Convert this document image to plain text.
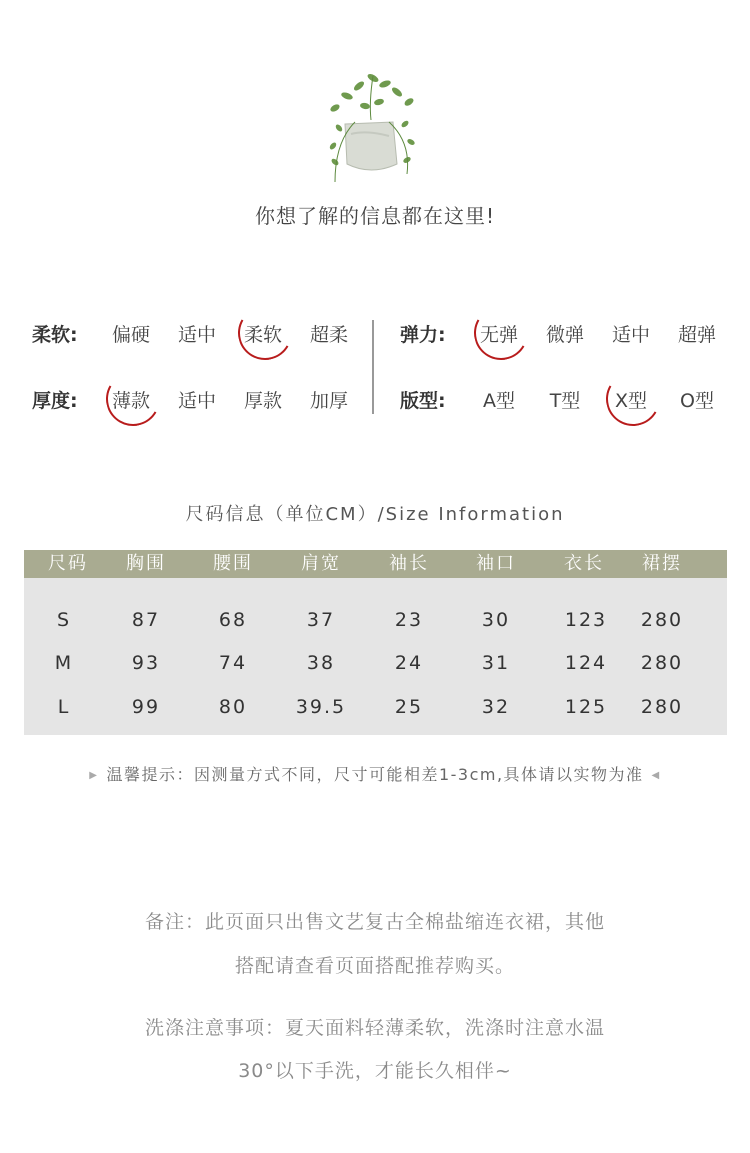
你想了解的信息都在这里!
柔软:	偏硬	适中	柔软	超柔
厚度:	薄款	适中	厚款	加厚
弹力:	无弹	微弹	适中	超弹
版型:	A型	T型	X型	O型
尺码信息（单位CM）/Size Information
尺码	胸围	腰围	肩宽	袖长	袖口	衣长	裙摆
S	87	68	37	23	30	123	280
M	93	74	38	24	31	124	280
L	99	80	39.5	25	32	125	280
▶ 温馨提示：因测量方式不同，尺寸可能相差1-3cm,具体请以实物为准 ◀
备注：此页面只出售文艺复古全棉盐缩连衣裙，其他
搭配请查看页面搭配推荐购买。
洗涤注意事项：夏天面料轻薄柔软，洗涤时注意水温
30°以下手洗，才能长久相伴~
